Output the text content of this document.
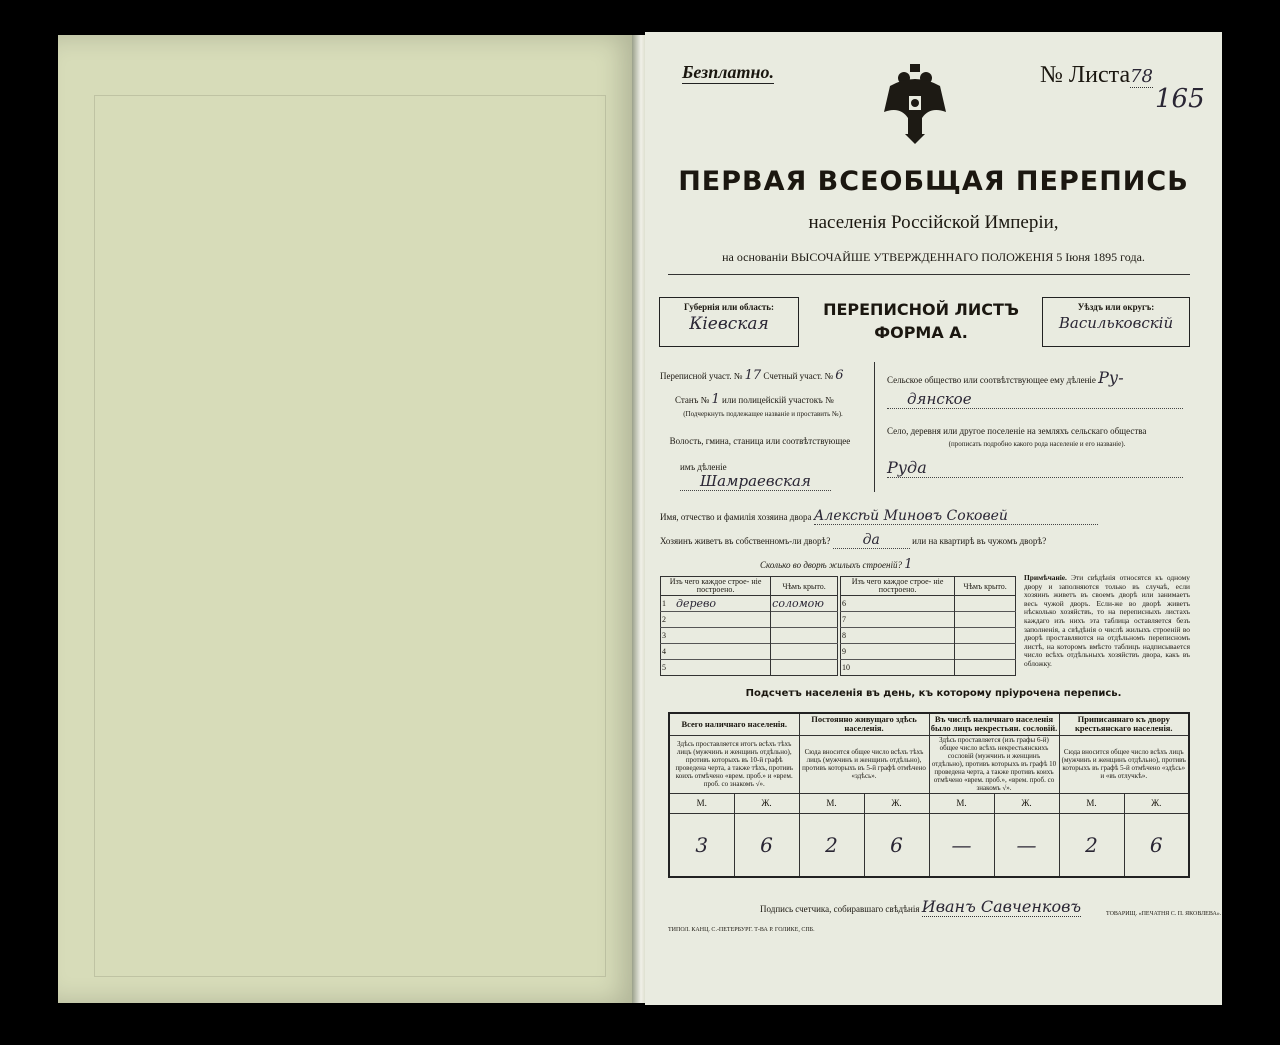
Безплатно.	№ Листа78
165
ПЕРВАЯ ВСЕОБЩАЯ ПЕРЕПИСЬ
населенія Россійской Имперіи,
на основаніи ВЫСОЧАЙШЕ УТВЕРЖДЕННАГО ПОЛОЖЕНІЯ 5 Іюня 1895 года.
Губернія или область:
Кіевская
ПЕРЕПИСНОЙ ЛИСТЪ
ФОРМА А.
Уѣздъ или округъ:
Васильковскій
Переписной участ. № 17 Счетный участ. № 6
Станъ № 1 или полицейскій участокъ №
(Подчеркнуть подлежащее названіе и проставить №).
Волость, гмина, станица или соотвѣтствующее
имъ дѣленіе Шамраевская
Сельское общество или соотвѣтствующее ему дѣленіе Ру-
дянское
Село, деревня или другое поселеніе на земляхъ сельскаго общества
(прописать подробно какого рода населеніе и его названіе).
Руда
Имя, отчество и фамилія хозяина двора Алексѣй Миновъ Соковей
Хозяинъ живетъ въ собственномъ-ли дворѣ? да	или на квартирѣ въ чужомъ дворѣ?
Сколько во дворѣ жилыхъ строеній? 1
Изъ чего каждое строе- ніе построено.		Чѣмъ крыто.
1	дерево	соломою
2		
3		
4		
5		
Изъ чего каждое строе- ніе построено.		Чѣмъ крыто.
6		
7		
8		
9		
10		
Примѣчаніе. Эти свѣдѣнія относятся къ одному двору и заполняются только въ случаѣ, если хозяинъ живетъ въ своемъ дворѣ или занимаетъ весь чужой дворъ. Если-же во дворѣ живетъ нѣсколько хозяйствъ, то на переписныхъ листахъ каждаго изъ нихъ эта таблица оставляется безъ заполненія, а свѣдѣнія о числѣ жилыхъ строеній во дворѣ проставляются на отдѣльномъ переписномъ листѣ, на которомъ вмѣсто таблицъ надписывается число всѣхъ отдѣльныхъ хозяйствъ двора, какъ въ обложку.
Подсчетъ населенія въ день, къ которому пріурочена перепись.
Всего наличнаго населенія.		Постоянно живущаго здѣсь населенія.		Въ числѣ наличнаго населенія было лицъ некрестьян. сословій.		Приписаннаго къ двору крестьянскаго населенія.	
Здѣсь проставляется итогъ всѣхъ тѣхъ лицъ (мужчинъ и женщинъ отдѣльно), противъ которыхъ въ 10-й графѣ проведена черта, а также тѣхъ, противъ коихъ отмѣчено «врем. проб.» и «врем. проб. со знакомъ √».		Сюда вносится общее число всѣхъ тѣхъ лицъ (мужчинъ и женщинъ отдѣльно), противъ которыхъ въ 5-й графѣ отмѣчено «здѣсь».		Здѣсь проставляется (изъ графы 6-й) общее число всѣхъ некрестьянскихъ сословій (мужчинъ и женщинъ отдѣльно), противъ которыхъ въ графѣ 10 проведена черта, а также противъ коихъ отмѣчено «врем. проб.», «врем. проб. со знакомъ √».		Сюда вносится общее число всѣхъ лицъ (мужчинъ и женщинъ отдѣльно), противъ которыхъ въ графѣ 5-й отмѣчено «здѣсь» и «въ отлучкѣ».	
М.	Ж.	М.	Ж.	М.	Ж.	М.	Ж.
3	6	2	6	—	—	2	6
Подпись счетчика, собиравшаго свѣдѣнія Иванъ Савченковъ
ТИПОЛ. КАНЦ. С.-ПЕТЕРБУРГ. Т-ВА Р. ГОЛИКЕ, СПБ.
ТОВАРИЩ. «ПЕЧАТНЯ С. П. ЯКОВЛЕВА».
